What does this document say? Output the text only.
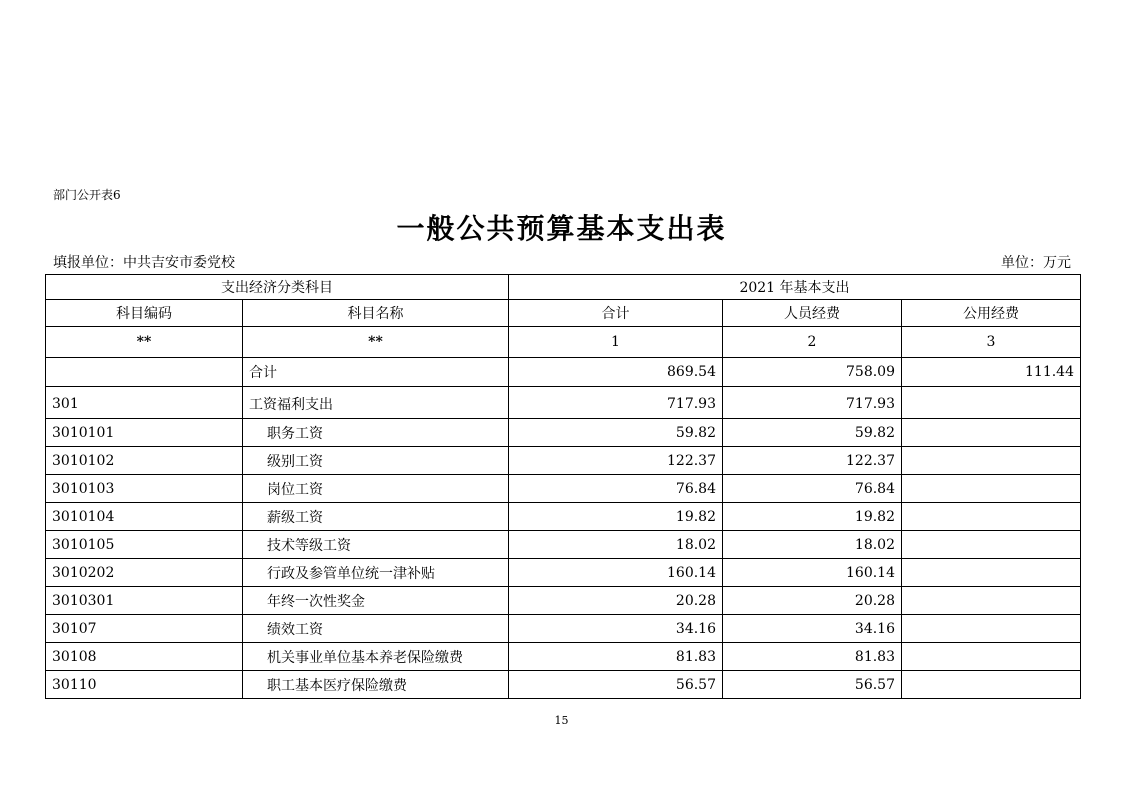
部门公开表6
一般公共预算基本支出表
填报单位：中共吉安市委党校	单位：万元
支出经济分类科目		2021 年基本支出		
科目编码	科目名称	合计	人员经费	公用经费
**	**	1	2	3
	合计	869.54	758.09	111.44
301	工资福利支出	717.93	717.93	
3010101	职务工资	59.82	59.82	
3010102	级别工资	122.37	122.37	
3010103	岗位工资	76.84	76.84	
3010104	薪级工资	19.82	19.82	
3010105	技术等级工资	18.02	18.02	
3010202	行政及参管单位统一津补贴	160.14	160.14	
3010301	年终一次性奖金	20.28	20.28	
30107	绩效工资	34.16	34.16	
30108	机关事业单位基本养老保险缴费	81.83	81.83	
30110	职工基本医疗保险缴费	56.57	56.57	
15
